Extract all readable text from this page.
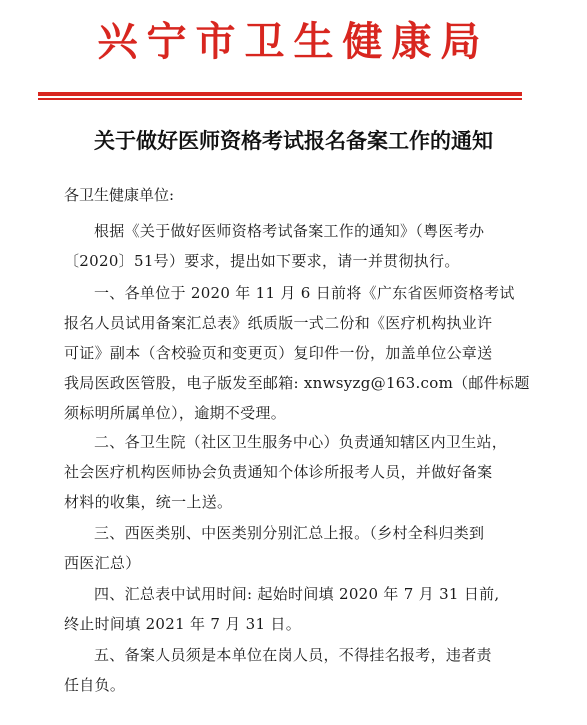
兴宁市卫生健康局
关于做好医师资格考试报名备案工作的通知
各卫生健康单位:
根据《关于做好医师资格考试备案工作的通知》（粤医考办
〔2020〕51号）要求，提出如下要求，请一并贯彻执行。
一、各单位于 2020 年 11 月 6 日前将《广东省医师资格考试
报名人员试用备案汇总表》纸质版一式二份和《医疗机构执业许
可证》副本（含校验页和变更页）复印件一份，加盖单位公章送
我局医政医管股，电子版发至邮箱: xnwsyzg@163.com（邮件标题
须标明所属单位），逾期不受理。
二、各卫生院（社区卫生服务中心）负责通知辖区内卫生站，
社会医疗机构医师协会负责通知个体诊所报考人员，并做好备案
材料的收集，统一上送。
三、西医类别、中医类别分别汇总上报。（乡村全科归类到
西医汇总）
四、汇总表中试用时间: 起始时间填 2020 年 7 月 31 日前,
终止时间填 2021 年 7 月 31 日。
五、备案人员须是本单位在岗人员，不得挂名报考，违者责
任自负。
